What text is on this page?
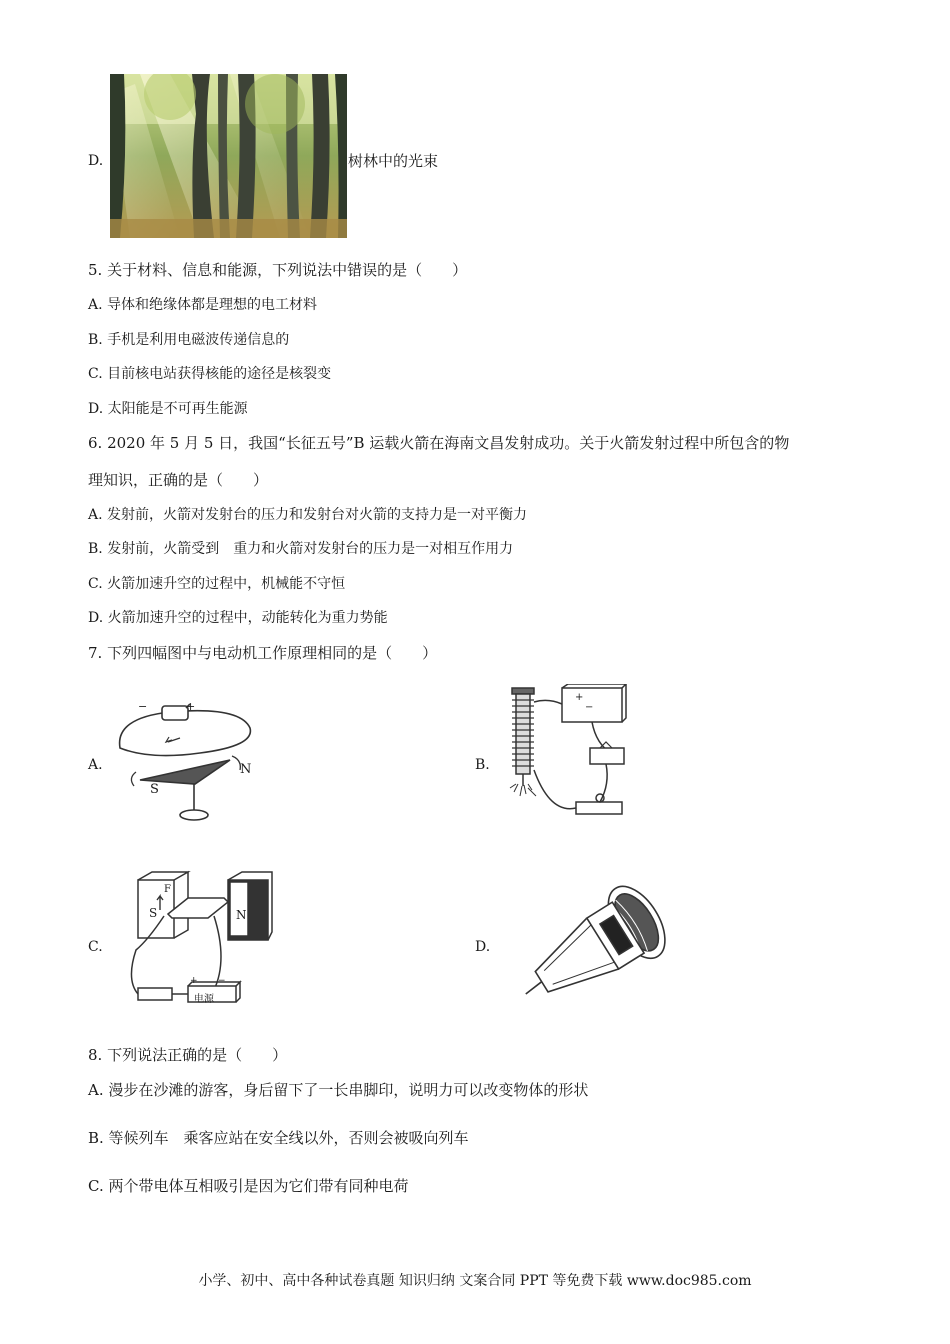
D.	树林中的光束
5. 关于材料、信息和能源，下列说法中错误的是（　　）
A. 导体和绝缘体都是理想的电工材料
B. 手机是利用电磁波传递信息的
C. 目前核电站获得核能的途径是核裂变
D. 太阳能是不可再生能源
6. 2020 年 5 月 5 日，我国“长征五号”B 运载火箭在海南文昌发射成功。关于火箭发射过程中所包含的物
理知识，正确的是（　　）
A. 发射前，火箭对发射台的压力和发射台对火箭的支持力是一对平衡力
B. 发射前，火箭受到　重力和火箭对发射台的压力是一对相互作用力
C. 火箭加速升空的过程中，机械能不守恒
D. 火箭加速升空的过程中，动能转化为重力势能
7. 下列四幅图中与电动机工作原理相同的是（　　）
A.
−	+
S
N	B.
+
−
C.
S	N
F
电源
+ −
D.
8. 下列说法正确的是（　　）
A. 漫步在沙滩的游客，身后留下了一长串脚印，说明力可以改变物体的形状
B. 等候列车　乘客应站在安全线以外，否则会被吸向列车
C. 两个带电体互相吸引是因为它们带有同种电荷
小学、初中、高中各种试卷真题 知识归纳 文案合同 PPT 等免费下载 www.doc985.com
